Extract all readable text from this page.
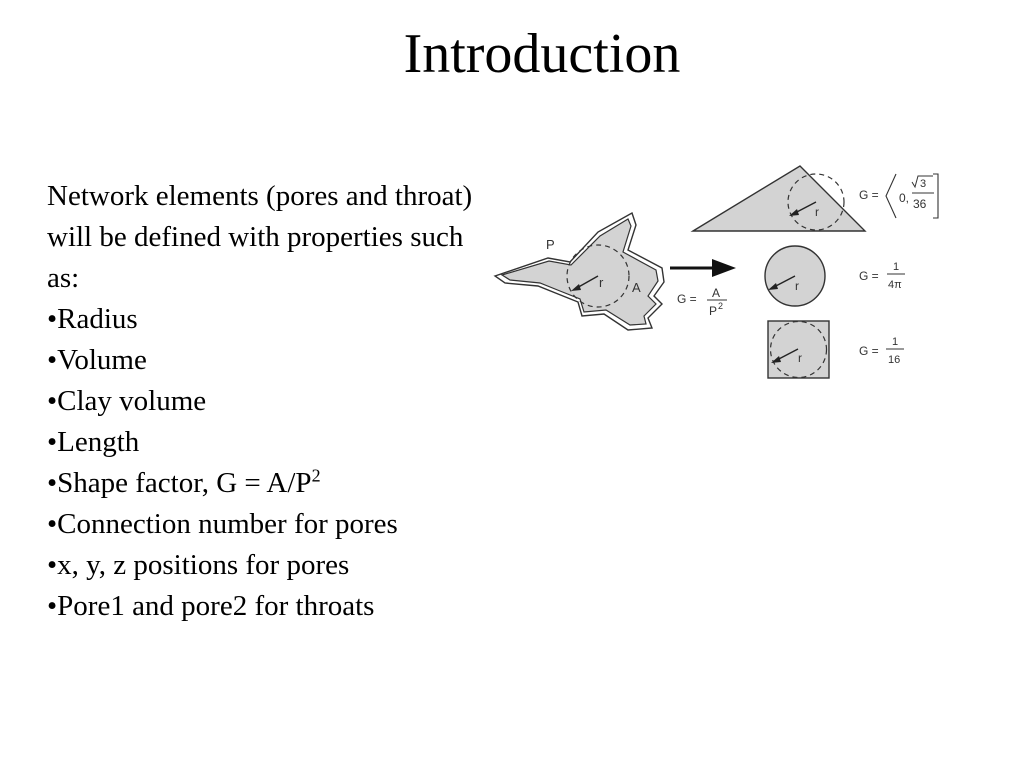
Introduction

Network elements (pores and throat) will be defined with properties such as:

•Radius
•Volume
•Clay volume
•Length
•Shape factor, $G = A/P^2$
•Connection number for pores
•x, y, z positions for pores
•Pore1 and pore2 for throats
P
r A
G = A
P 2
r
G = 0,
3
36
r
G =
1
4π
r	G =
1
16
